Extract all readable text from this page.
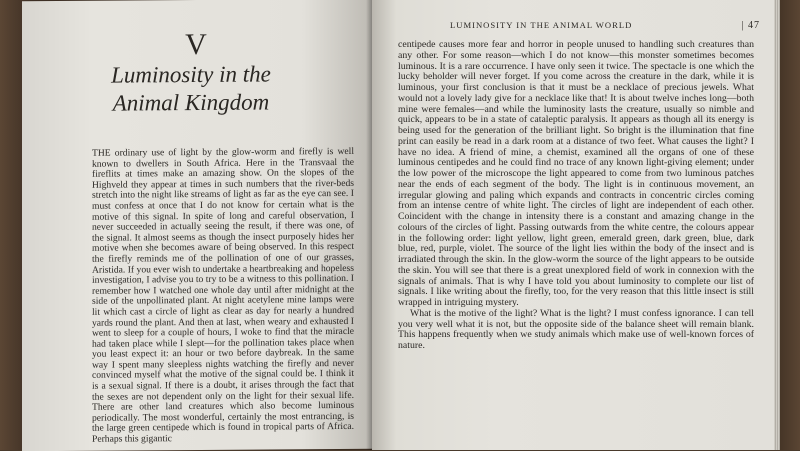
V
Luminosity in the
Animal Kingdom
THE ordinary use of light by the glow-worm and firefly is well known to dwellers in South Africa. Here in the Transvaal the fireflits at times make an amazing show. On the slopes of the Highveld they appear at times in such numbers that the river-beds stretch into the night like streams of light as far as the eye can see. I must confess at once that I do not know for certain what is the motive of this signal. In spite of long and careful observation, I never succeeded in actually seeing the result, if there was one, of the signal. It almost seems as though the insect purposely hides her motive when she becomes aware of being observed. In this respect the firefly reminds me of the pollination of one of our grasses, Aristida. If you ever wish to undertake a heartbreaking and hopeless investigation, I advise you to try to be a witness to this pollination. I remember how I watched one whole day until after midnight at the side of the unpollinated plant. At night acetylene mine lamps were lit which cast a circle of light as clear as day for nearly a hundred yards round the plant. And then at last, when weary and exhausted I went to sleep for a couple of hours, I woke to find that the miracle had taken place while I slept—for the pollination takes place when you least expect it: an hour or two before daybreak. In the same way I spent many sleepless nights watching the firefly and never convinced myself what the motive of the signal could be. I think it is a sexual signal. If there is a doubt, it arises through the fact that the sexes are not dependent only on the light for their sexual life. There are other land creatures which also become luminous periodically. The most wonderful, certainly the most entrancing, is the large green centipede which is found in tropical parts of Africa. Perhaps this gigantic
LUMINOSITY IN THE ANIMAL WORLD	| 47

centipede causes more fear and horror in people unused to handling such creatures than any other. For some reason—which I do not know—this monster sometimes becomes luminous. It is a rare occurrence. I have only seen it twice. The spectacle is one which the lucky beholder will never forget. If you come across the creature in the dark, while it is luminous, your first conclusion is that it must be a necklace of precious jewels. What would not a lovely lady give for a necklace like that! It is about twelve inches long—both mine were females—and while the luminosity lasts the creature, usually so nimble and quick, appears to be in a state of cataleptic paralysis. It appears as though all its energy is being used for the generation of the brilliant light. So bright is the illumination that fine print can easily be read in a dark room at a distance of two feet. What causes the light? I have no idea. A friend of mine, a chemist, examined all the organs of one of these luminous centipedes and he could find no trace of any known light-giving element; under the low power of the microscope the light appeared to come from two luminous patches near the ends of each segment of the body. The light is in continuous movement, an irregular glowing and paling which expands and contracts in concentric circles coming from an intense centre of white light. The circles of light are independent of each other. Coincident with the change in intensity there is a constant and amazing change in the colours of the circles of light. Passing outwards from the white centre, the colours appear in the following order: light yellow, light green, emerald green, dark green, blue, dark blue, red, purple, violet. The source of the light lies within the body of the insect and is irradiated through the skin. In the glow-worm the source of the light appears to be outside the skin. You will see that there is a great unexplored field of work in connexion with the signals of animals. That is why I have told you about luminosity to complete our list of signals. I like writing about the firefly, too, for the very reason that this little insect is still wrapped in intriguing mystery.

What is the motive of the light? What is the light? I must confess ignorance. I can tell you very well what it is not, but the opposite side of the balance sheet will remain blank. This happens frequently when we study animals which make use of well-known forces of nature.
